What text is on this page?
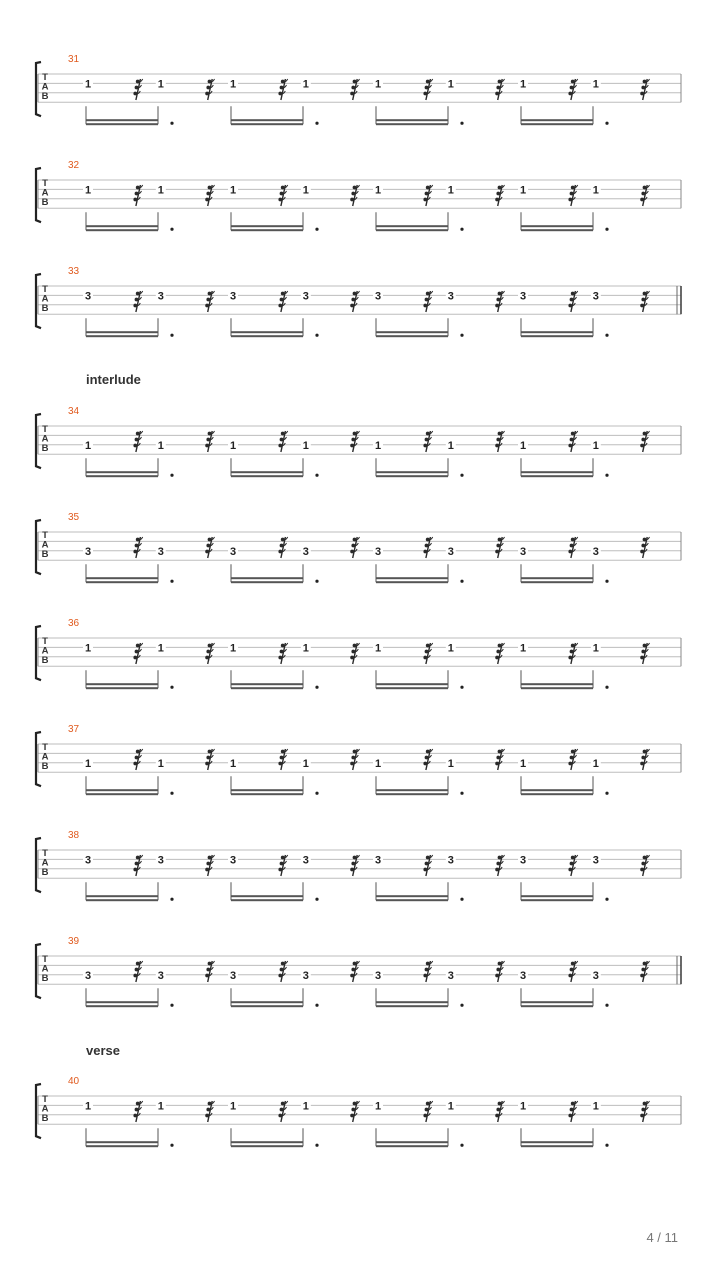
31
T
A
B
1	1	1	1	1	1	1	1
32
T
A
B
1	1	1	1	1	1	1	1
33
T
A
B
3	3	3	3	3	3	3	3
34
T
A
B	1	1	1	1	1	1	1	1
35
T
A
B	3	3	3	3	3	3	3	3
36
T
A
B
1	1	1	1	1	1	1	1
37
T
A
B	1	1	1	1	1	1	1	1
38
T
A
B
3	3	3	3	3	3	3	3
39
T
A
B	3	3	3	3	3	3	3	3
40
T
A
B
1	1	1	1	1	1	1	1
interlude
verse
4 / 11
